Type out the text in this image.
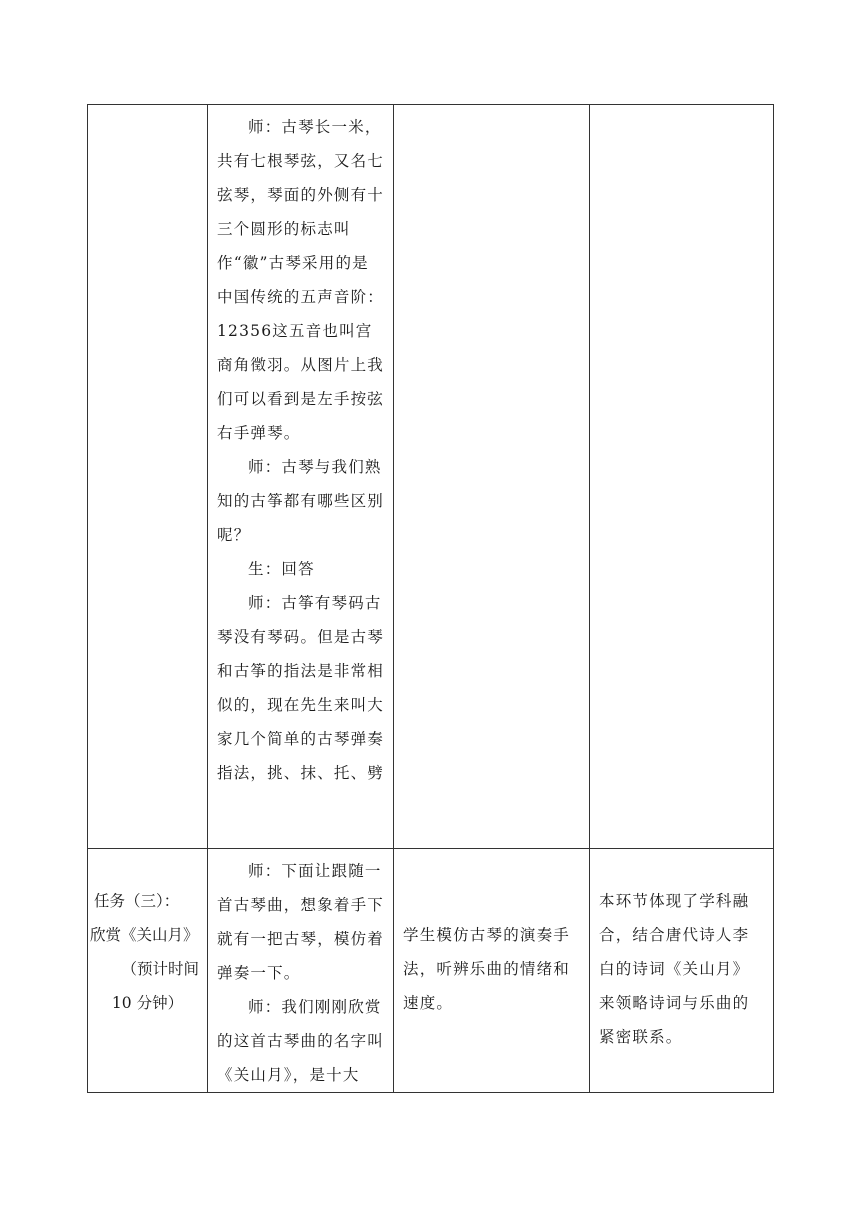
	师：古琴长一米，共有七根琴弦，又名七弦琴，琴面的外侧有十三个圆形的标志叫作“徽”古琴采用的是中国传统的五声音阶：12356这五音也叫宫商角徵羽。从图片上我们可以看到是左手按弦右手弹琴。
师：古琴与我们熟知的古筝都有哪些区别呢？
生：回答
师：古筝有琴码古琴没有琴码。但是古琴和古筝的指法是非常相似的，现在先生来叫大家几个简单的古琴弹奏指法，挑、抹、托、劈		

任务（三）：
欣赏《关山月》
（预计时间
10 分钟）	师：下面让跟随一首古琴曲，想象着手下就有一把古琴，模仿着弹奏一下。
师：我们刚刚欣赏的这首古琴曲的名字叫《关山月》，是十大	学生模仿古琴的演奏手法，听辨乐曲的情绪和速度。	本环节体现了学科融合，结合唐代诗人李白的诗词《关山月》来领略诗词与乐曲的紧密联系。
